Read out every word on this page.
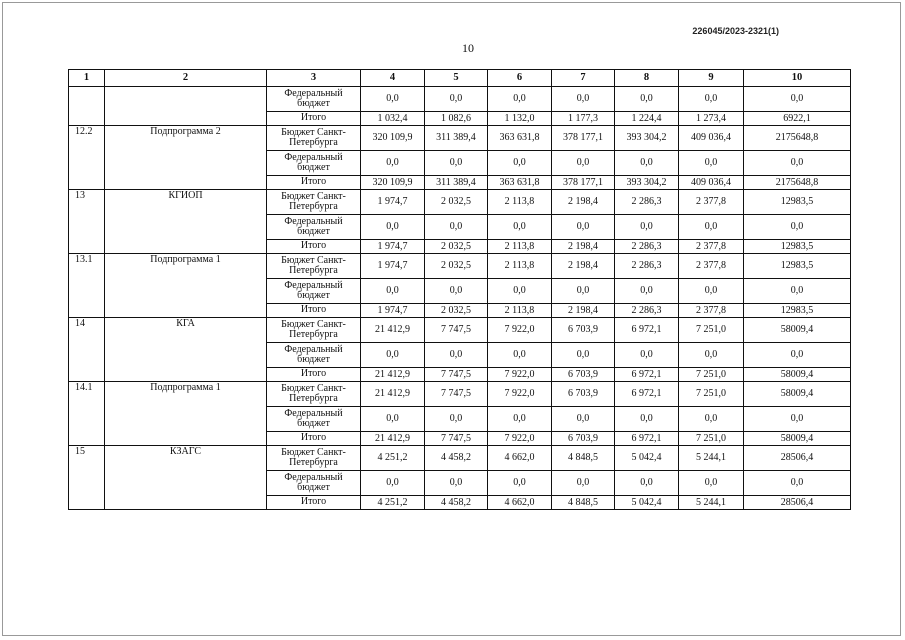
226045/2023-2321(1)
10
1	2	3	4	5	6	7	8	9	10
		Федеральный бюджет	0,0	0,0	0,0	0,0	0,0	0,0	0,0
		Итого	1 032,4	1 082,6	1 132,0	1 177,3	1 224,4	1 273,4	6922,1
12.2	Подпрограмма 2	Бюджет Санкт-Петербурга	320 109,9	311 389,4	363 631,8	378 177,1	393 304,2	409 036,4	2175648,8
		Федеральный бюджет	0,0	0,0	0,0	0,0	0,0	0,0	0,0
		Итого	320 109,9	311 389,4	363 631,8	378 177,1	393 304,2	409 036,4	2175648,8
13	КГИОП	Бюджет Санкт-Петербурга	1 974,7	2 032,5	2 113,8	2 198,4	2 286,3	2 377,8	12983,5
		Федеральный бюджет	0,0	0,0	0,0	0,0	0,0	0,0	0,0
		Итого	1 974,7	2 032,5	2 113,8	2 198,4	2 286,3	2 377,8	12983,5
13.1	Подпрограмма 1	Бюджет Санкт-Петербурга	1 974,7	2 032,5	2 113,8	2 198,4	2 286,3	2 377,8	12983,5
		Федеральный бюджет	0,0	0,0	0,0	0,0	0,0	0,0	0,0
		Итого	1 974,7	2 032,5	2 113,8	2 198,4	2 286,3	2 377,8	12983,5
14	КГА	Бюджет Санкт-Петербурга	21 412,9	7 747,5	7 922,0	6 703,9	6 972,1	7 251,0	58009,4
		Федеральный бюджет	0,0	0,0	0,0	0,0	0,0	0,0	0,0
		Итого	21 412,9	7 747,5	7 922,0	6 703,9	6 972,1	7 251,0	58009,4
14.1	Подпрограмма 1	Бюджет Санкт-Петербурга	21 412,9	7 747,5	7 922,0	6 703,9	6 972,1	7 251,0	58009,4
		Федеральный бюджет	0,0	0,0	0,0	0,0	0,0	0,0	0,0
		Итого	21 412,9	7 747,5	7 922,0	6 703,9	6 972,1	7 251,0	58009,4
15	КЗАГС	Бюджет Санкт-Петербурга	4 251,2	4 458,2	4 662,0	4 848,5	5 042,4	5 244,1	28506,4
		Федеральный бюджет	0,0	0,0	0,0	0,0	0,0	0,0	0,0
		Итого	4 251,2	4 458,2	4 662,0	4 848,5	5 042,4	5 244,1	28506,4
